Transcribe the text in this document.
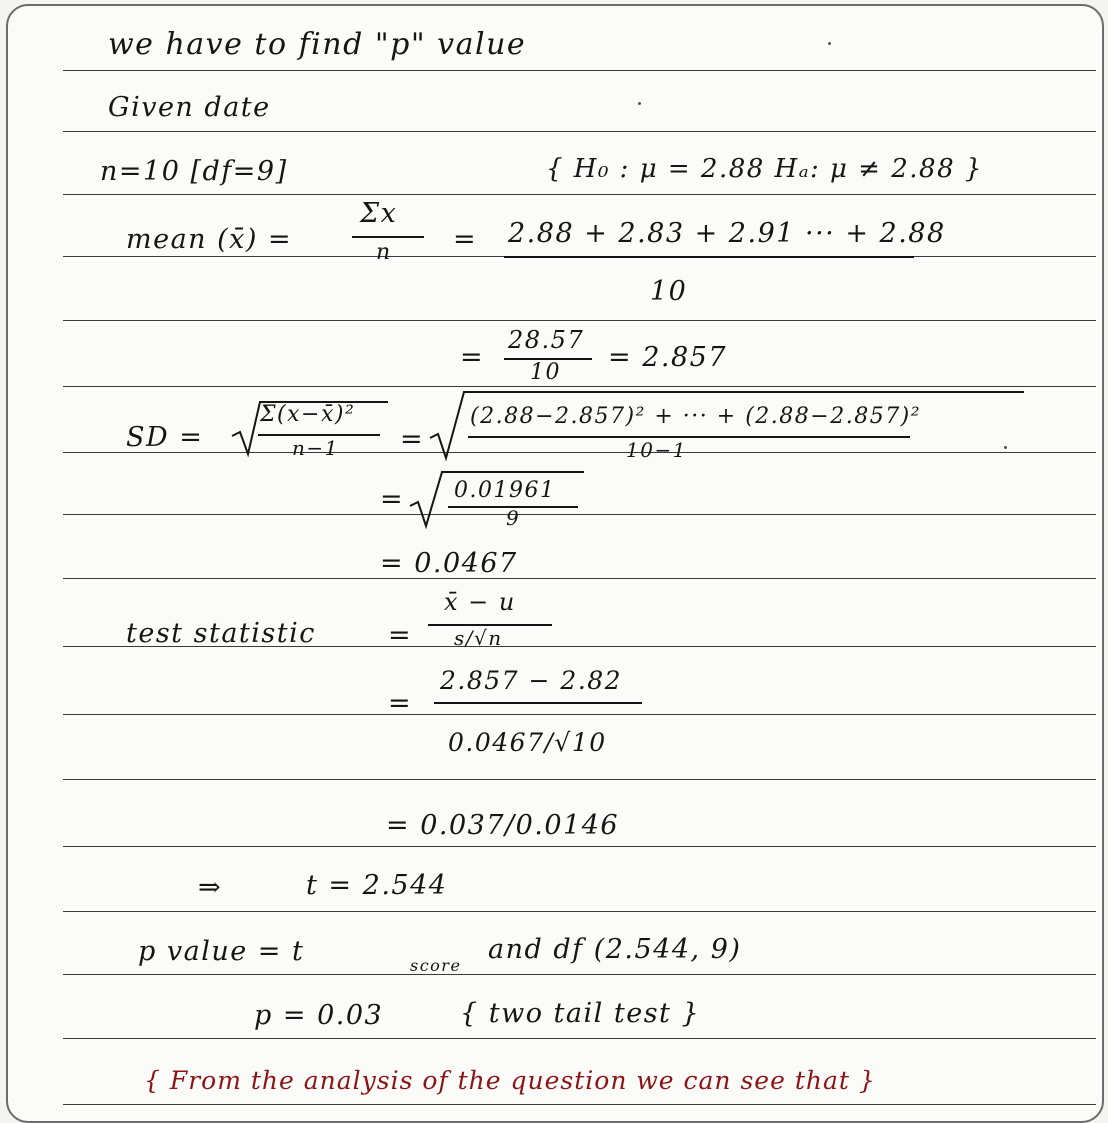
we have to find "p" value
Given date
n=10 [df=9]	{ H₀ : μ = 2.88 Hₐ: μ ≠ 2.88 }
mean (x̄) =
Σx
n = 2.88 + 2.83 + 2.91 ··· + 2.88
10
=
28.57
10 = 2.857
SD =
Σ(x−x̄)²
n−1 =
(2.88−2.857)² + ··· + (2.88−2.857)²
10−1
= 0.01961
9
= 0.0467
test statistic	=
x̄ − u
s/√n
=
2.857 − 2.82
0.0467/√10
= 0.037/0.0146
⇒	t = 2.544
p value = t	score
and df (2.544, 9)
p = 0.03	{ two tail test }
{ From the analysis of the question we can see that }
